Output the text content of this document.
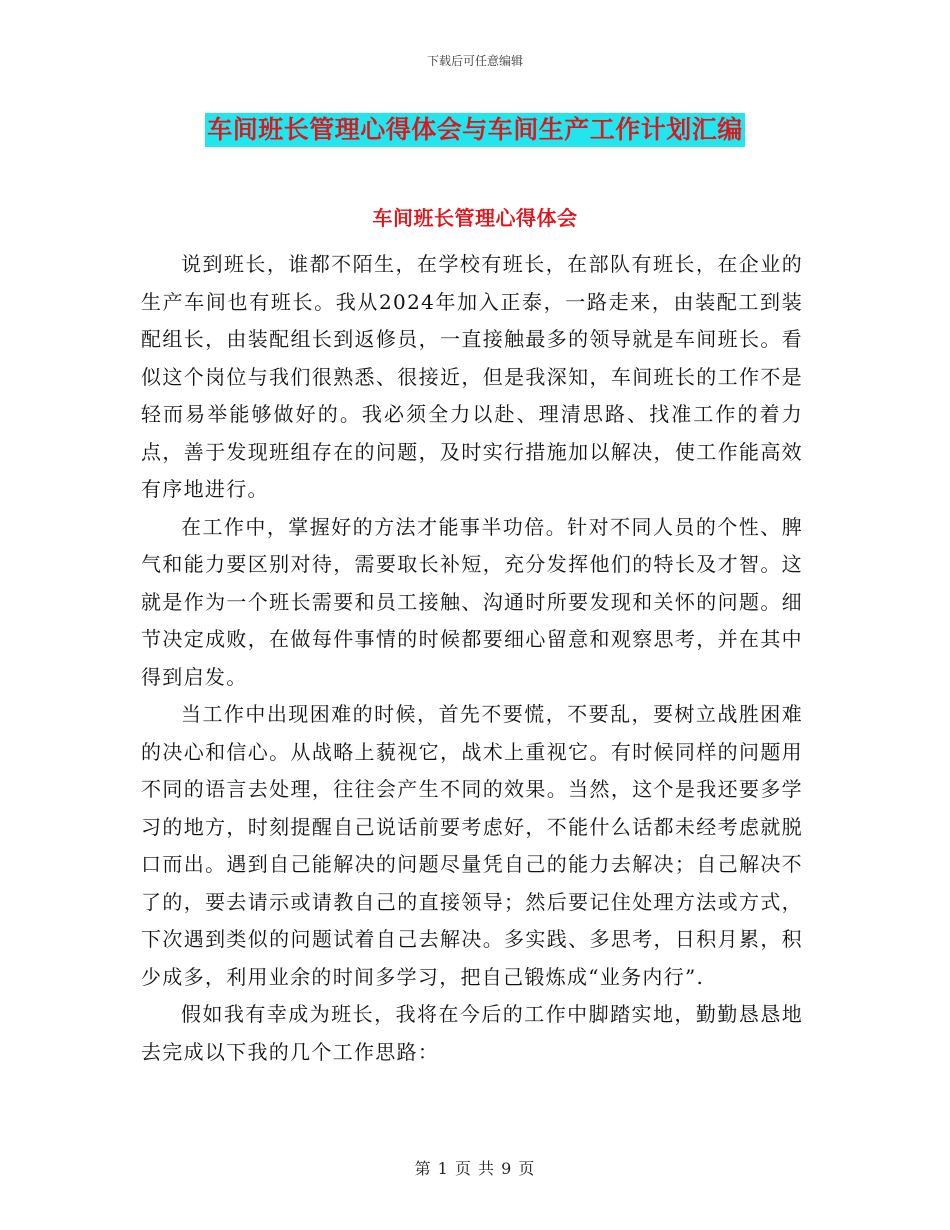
下载后可任意编辑
车间班长管理心得体会与车间生产工作计划汇编
车间班长管理心得体会

说到班长，谁都不陌生，在学校有班长，在部队有班长，在企业的生产车间也有班长。我从2024年加入正泰，一路走来，由装配工到装配组长，由装配组长到返修员，一直接触最多的领导就是车间班长。看似这个岗位与我们很熟悉、很接近，但是我深知，车间班长的工作不是轻而易举能够做好的。我必须全力以赴、理清思路、找准工作的着力点，善于发现班组存在的问题，及时实行措施加以解决，使工作能高效有序地进行。

在工作中，掌握好的方法才能事半功倍。针对不同人员的个性、脾气和能力要区别对待，需要取长补短，充分发挥他们的特长及才智。这就是作为一个班长需要和员工接触、沟通时所要发现和关怀的问题。细节决定成败，在做每件事情的时候都要细心留意和观察思考，并在其中得到启发。

当工作中出现困难的时候，首先不要慌，不要乱，要树立战胜困难的决心和信心。从战略上藐视它，战术上重视它。有时候同样的问题用不同的语言去处理，往往会产生不同的效果。当然，这个是我还要多学习的地方，时刻提醒自己说话前要考虑好，不能什么话都未经考虑就脱口而出。遇到自己能解决的问题尽量凭自己的能力去解决；自己解决不了的，要去请示或请教自己的直接领导；然后要记住处理方法或方式，下次遇到类似的问题试着自己去解决。多实践、多思考，日积月累，积少成多，利用业余的时间多学习，把自己锻炼成“业务内行”.

假如我有幸成为班长，我将在今后的工作中脚踏实地，勤勤恳恳地去完成以下我的几个工作思路：

第 1 页 共 9 页
